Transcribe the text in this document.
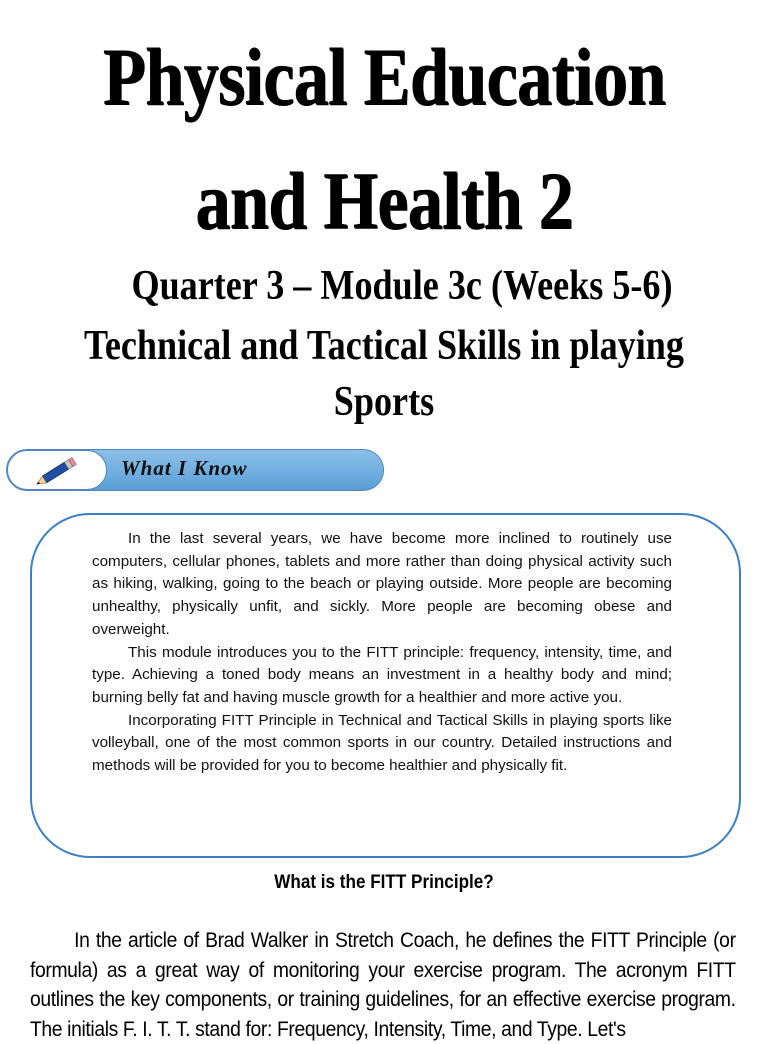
Physical Education
and Health 2
Quarter 3 – Module 3c (Weeks 5-6)
Technical and Tactical Skills in playing
Sports
What I Know

In the last several years, we have become more inclined to routinely use computers, cellular phones, tablets and more rather than doing physical activity such as hiking, walking, going to the beach or playing outside. More people are becoming unhealthy, physically unfit, and sickly. More people are becoming obese and overweight.

This module introduces you to the FITT principle: frequency, intensity, time, and type. Achieving a toned body means an investment in a healthy body and mind; burning belly fat and having muscle growth for a healthier and more active you.

Incorporating FITT Principle in Technical and Tactical Skills in playing sports like volleyball, one of the most common sports in our country. Detailed instructions and methods will be provided for you to become healthier and physically fit.

What is the FITT Principle?
In the article of Brad Walker in Stretch Coach, he defines the FITT Principle (or formula) as a great way of monitoring your exercise program. The acronym FITT outlines the key components, or training guidelines, for an effective exercise program. The initials F. I. T. T. stand for: Frequency, Intensity, Time, and Type. Let's
